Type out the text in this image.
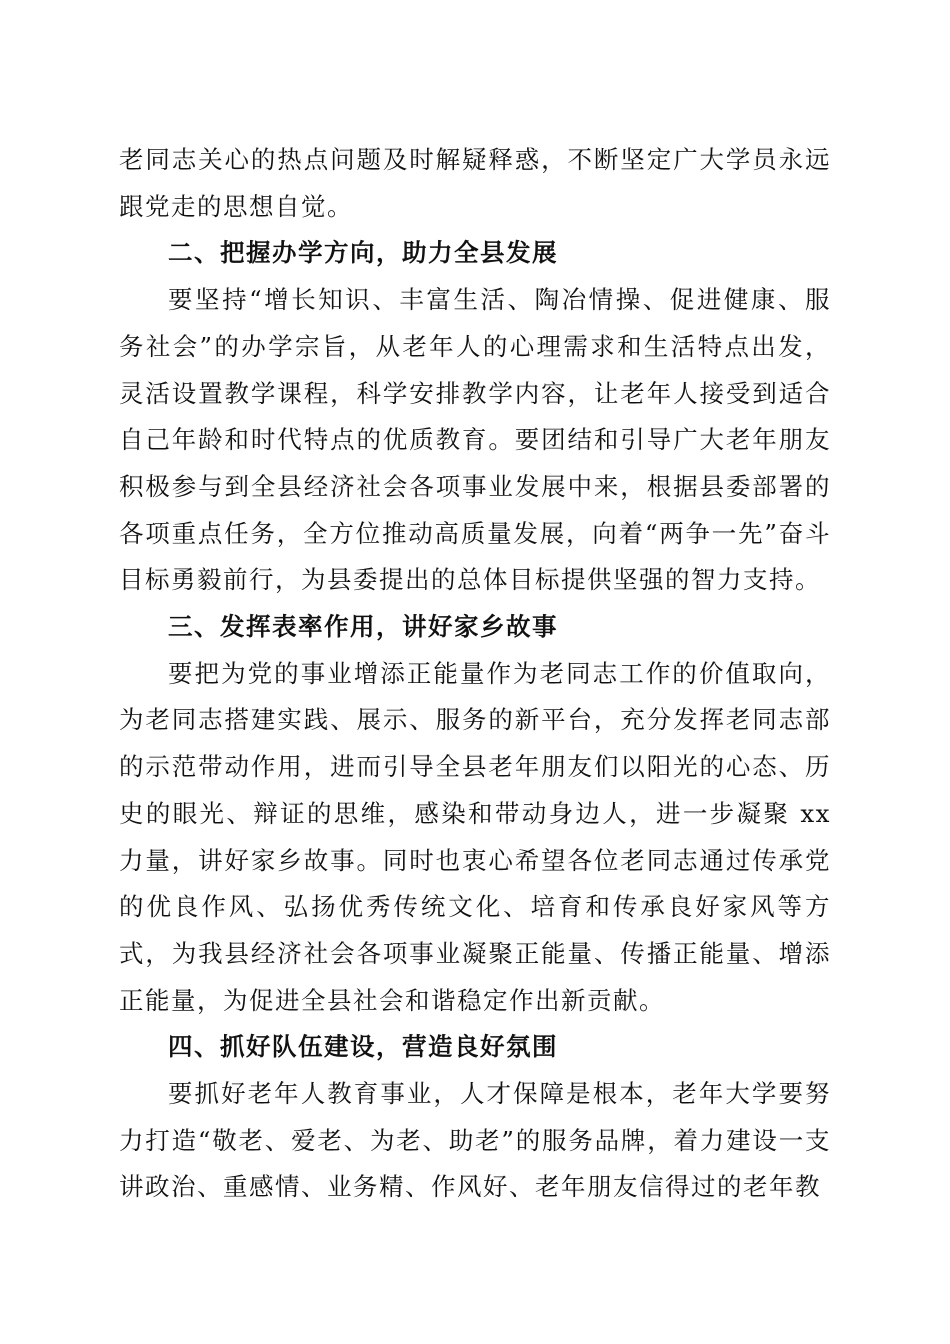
老同志关心的热点问题及时解疑释惑，不断坚定广大学员永远跟党走的思想自觉。

二、把握办学方向，助力全县发展

要坚持“增长知识、丰富生活、陶冶情操、促进健康、服务社会”的办学宗旨，从老年人的心理需求和生活特点出发，灵活设置教学课程，科学安排教学内容，让老年人接受到适合自己年龄和时代特点的优质教育。要团结和引导广大老年朋友积极参与到全县经济社会各项事业发展中来，根据县委部署的各项重点任务，全方位推动高质量发展，向着“两争一先”奋斗目标勇毅前行，为县委提出的总体目标提供坚强的智力支持。

三、发挥表率作用，讲好家乡故事

要把为党的事业增添正能量作为老同志工作的价值取向，为老同志搭建实践、展示、服务的新平台，充分发挥老同志部的示范带动作用，进而引导全县老年朋友们以阳光的心态、历史的眼光、辩证的思维，感染和带动身边人，进一步凝聚 xx 力量，讲好家乡故事。同时也衷心希望各位老同志通过传承党的优良作风、弘扬优秀传统文化、培育和传承良好家风等方式，为我县经济社会各项事业凝聚正能量、传播正能量、增添正能量，为促进全县社会和谐稳定作出新贡献。

四、抓好队伍建设，营造良好氛围

要抓好老年人教育事业，人才保障是根本，老年大学要努力打造“敬老、爱老、为老、助老”的服务品牌，着力建设一支讲政治、重感情、业务精、作风好、老年朋友信得过的老年教
